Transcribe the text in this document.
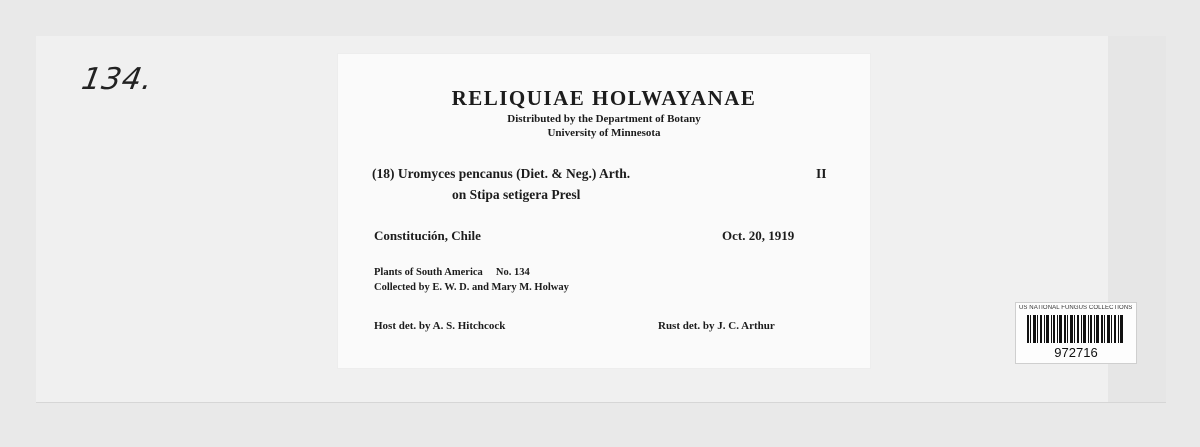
134.
RELIQUIAE HOLWAYANAE
Distributed by the Department of Botany
University of Minnesota
(18) Uromyces pencanus (Diet. & Neg.) Arth.	II
on Stipa setigera Presl
Constitución, Chile	Oct. 20, 1919
Plants of South America     No. 134
Collected by E. W. D. and Mary M. Holway
Host det. by A. S. Hitchcock	Rust det. by J. C. Arthur
US NATIONAL FUNGUS COLLECTIONS
972716
